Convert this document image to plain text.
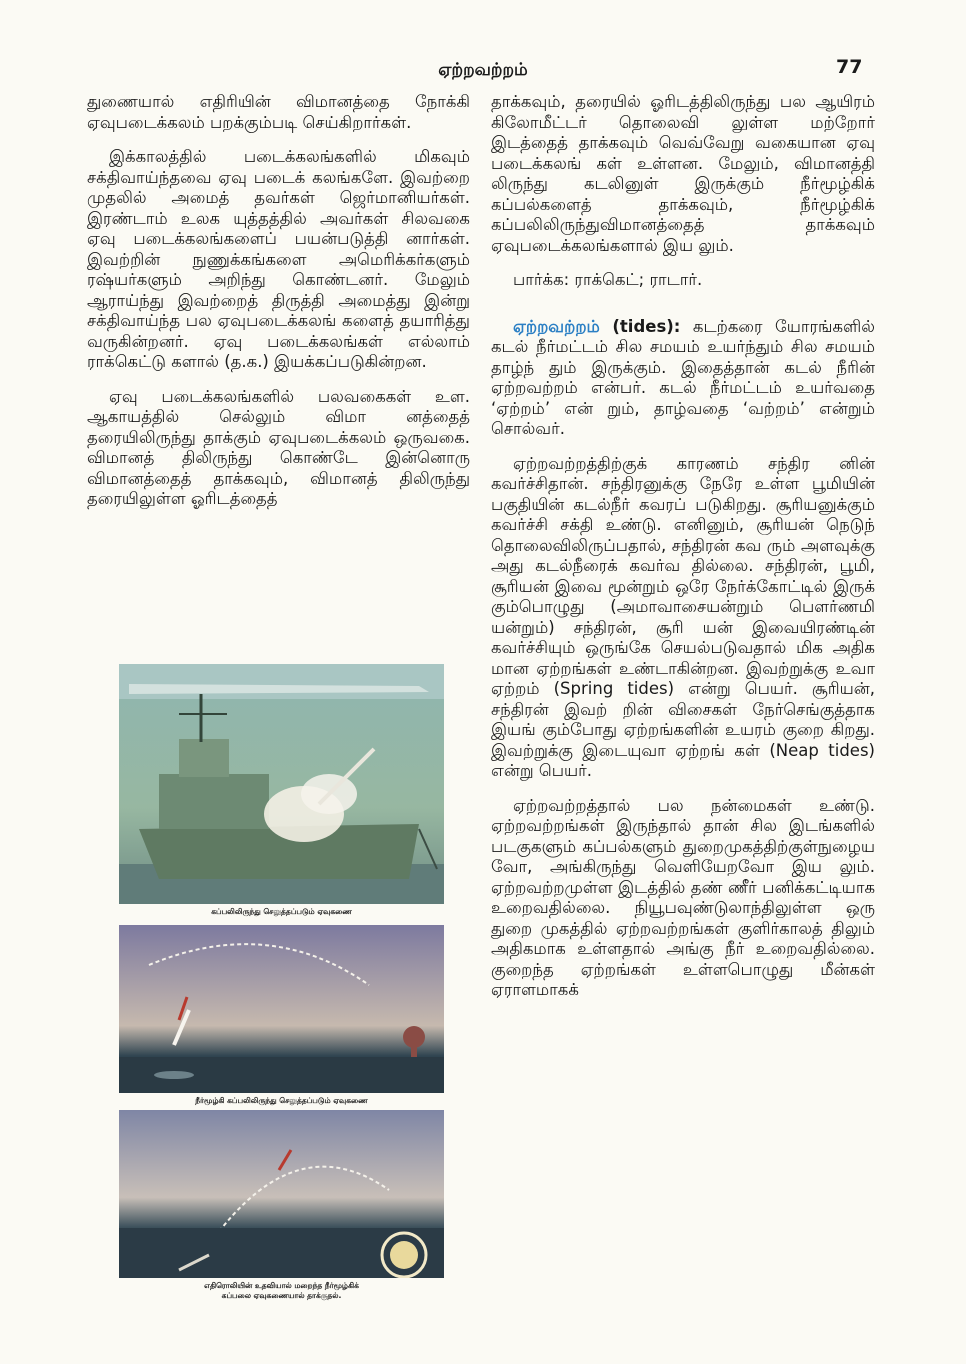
ஏற்றவற்றம்	77

துணையால் எதிரியின் விமானத்தை நோக்கி ஏவுபடைக்கலம் பறக்கும்படி செய்கிறார்கள்.

இக்காலத்தில் படைக்கலங்களில் மிகவும் சக்திவாய்ந்தவை ஏவு படைக் கலங்களே. இவற்றை முதலில் அமைத் தவர்கள் ஜெர்மானியர்கள். இரண்டாம் உலக யுத்தத்தில் அவர்கள் சிலவகை ஏவு படைக்கலங்களைப் பயன்படுத்தி னார்கள். இவற்றின் நுணுக்கங்களை அமெரிக்கர்களும் ரஷ்யர்களும் அறிந்து கொண்டனர். மேலும் ஆராய்ந்து இவற்றைத் திருத்தி அமைத்து இன்று சக்திவாய்ந்த பல ஏவுபடைக்கலங் களைத் தயாரித்து வருகின்றனர். ஏவு படைக்கலங்கள் எல்லாம் ராக்கெட்டு களால் (த.க.) இயக்கப்படுகின்றன.

ஏவு படைக்கலங்களில் பலவகைகள் உள. ஆகாயத்தில் செல்லும் விமா னத்தைத் தரையிலிருந்து தாக்கும் ஏவுபடைக்கலம் ஒருவகை. விமானத் திலிருந்து கொண்டே இன்னொரு விமானத்தைத் தாக்கவும், விமானத் திலிருந்து தரையிலுள்ள ஓரிடத்தைத்

கப்பலிலிருந்து செலுத்தப்படும் ஏவுகணை
நீர்மூழ்கி கப்பலிலிருந்து செலுத்தப்படும் ஏவுகணை
எதிரொலியின் உதவியால் மறைந்த நீர்மூழ்கிக்
கப்பலை ஏவுகணையால் தாக்குதல்.

தாக்கவும், தரையில் ஓரிடத்திலிருந்து பல ஆயிரம் கிலோமீட்டர் தொலைவி லுள்ள மற்றோர் இடத்தைத் தாக்கவும் வெவ்வேறு வகையான ஏவு படைக்கலங் கள் உள்ளன. மேலும், விமானத்தி லிருந்து கடலினுள் இருக்கும் நீர்மூழ்கிக் கப்பல்களைத் தாக்கவும், நீர்மூழ்கிக் கப்பலிலிருந்துவிமானத்தைத் தாக்கவும் ஏவுபடைக்கலங்களால் இய லும்.

பார்க்க: ராக்கெட்; ராடார்.

ஏற்றவற்றம் (tides): கடற்கரை யோரங்களில் கடல் நீர்மட்டம் சில சமயம் உயர்ந்தும் சில சமயம் தாழ்ந் தும் இருக்கும். இதைத்தான் கடல் நீரின் ஏற்றவற்றம் என்பர். கடல் நீர்மட்டம் உயர்வதை ‘ஏற்றம்’ என் றும், தாழ்வதை ‘வற்றம்’ என்றும் சொல்வர்.

ஏற்றவற்றத்திற்குக் காரணம் சந்திர னின் கவர்ச்சிதான். சந்திரனுக்கு நேரே உள்ள பூமியின் பகுதியின் கடல்நீர் கவரப் படுகிறது. சூரியனுக்கும் கவர்ச்சி சக்தி உண்டு. எனினும், சூரியன் நெடுந் தொலைவிலிருப்பதால், சந்திரன் கவ ரும் அளவுக்கு அது கடல்நீரைக் கவர்வ தில்லை. சந்திரன், பூமி, சூரியன் இவை மூன்றும் ஒரே நேர்க்கோட்டில் இருக் கும்பொழுது (அமாவாசையன்றும் பௌர்ணமி யன்றும்) சந்திரன், சூரி யன் இவையிரண்டின் கவர்ச்சியும் ஒருங்கே செயல்படுவதால் மிக அதிக மான ஏற்றங்கள் உண்டாகின்றன. இவற்றுக்கு உவா ஏற்றம் (Spring tides) என்று பெயர். சூரியன், சந்திரன் இவற் றின் விசைகள் நேர்செங்குத்தாக இயங் கும்போது ஏற்றங்களின் உயரம் குறை கிறது. இவற்றுக்கு இடையுவா ஏற்றங் கள் (Neap tides) என்று பெயர்.

ஏற்றவற்றத்தால் பல நன்மைகள் உண்டு. ஏற்றவற்றங்கள் இருந்தால் தான் சில இடங்களில் படகுகளும் கப்பல்களும் துறைமுகத்திற்குள்நுழைய வோ, அங்கிருந்து வெளியேறவோ இய லும். ஏற்றவற்றமுள்ள இடத்தில் தண் ணீர் பனிக்கட்டியாக உறைவதில்லை. நியூபவுண்டுலாந்திலுள்ள ஒரு துறை முகத்தில் ஏற்றவற்றங்கள் குளிர்காலத் திலும் அதிகமாக உள்ளதால் அங்கு நீர் உறைவதில்லை. குறைந்த ஏற்றங்கள் உள்ளபொழுது மீன்கள் ஏராளமாகக்
